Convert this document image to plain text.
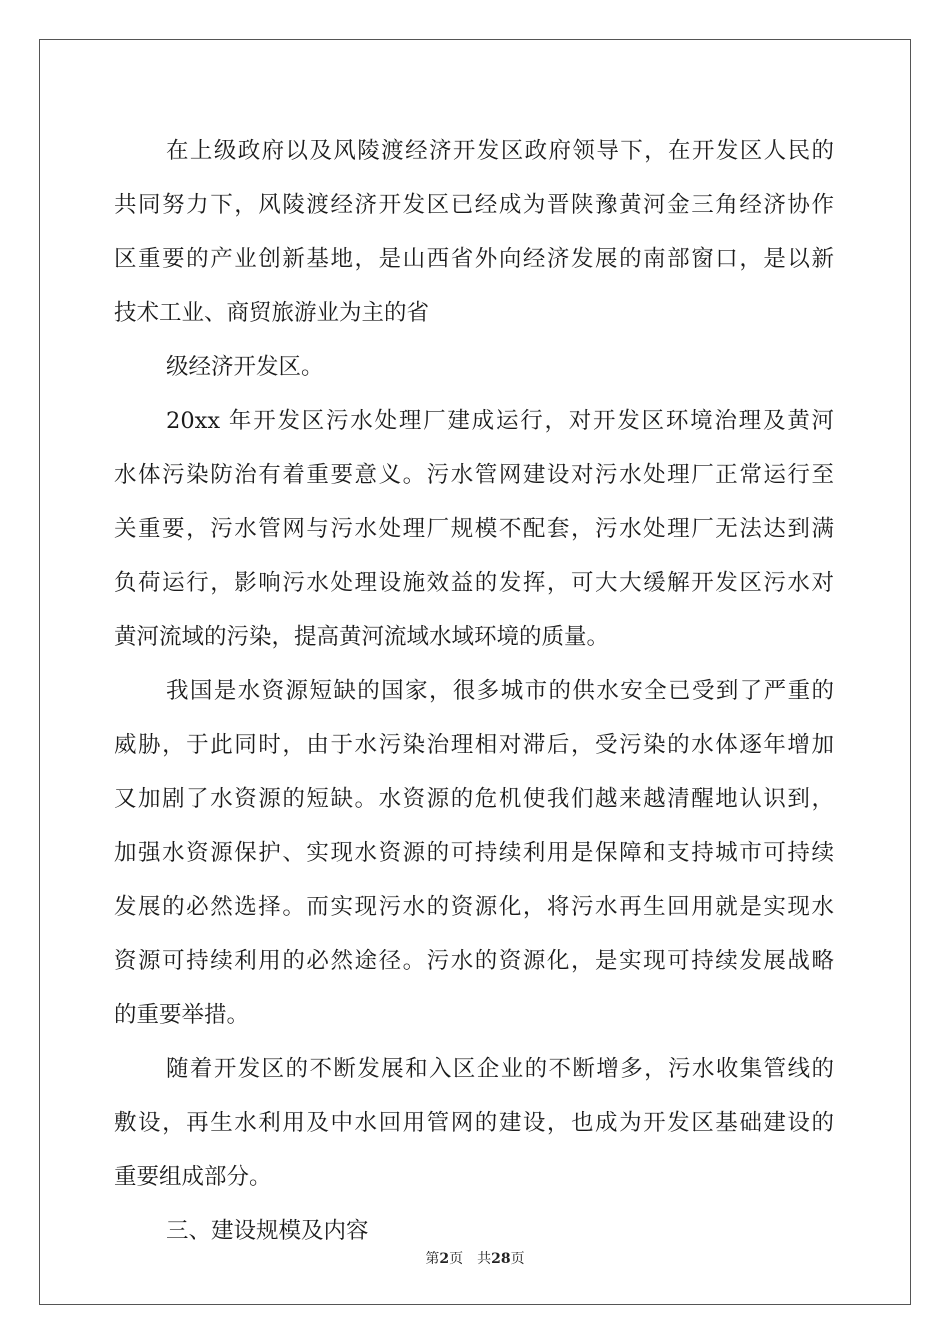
在上级政府以及风陵渡经济开发区政府领导下，在开发区人民的
共同努力下，风陵渡经济开发区已经成为晋陕豫黄河金三角经济协作
区重要的产业创新基地，是山西省外向经济发展的南部窗口，是以新
技术工业、商贸旅游业为主的省
级经济开发区。
20xx 年开发区污水处理厂建成运行，对开发区环境治理及黄河
水体污染防治有着重要意义。污水管网建设对污水处理厂正常运行至
关重要，污水管网与污水处理厂规模不配套，污水处理厂无法达到满
负荷运行，影响污水处理设施效益的发挥，可大大缓解开发区污水对
黄河流域的污染，提高黄河流域水域环境的质量。
我国是水资源短缺的国家，很多城市的供水安全已受到了严重的
威胁，于此同时，由于水污染治理相对滞后，受污染的水体逐年增加
又加剧了水资源的短缺。水资源的危机使我们越来越清醒地认识到，
加强水资源保护、实现水资源的可持续利用是保障和支持城市可持续
发展的必然选择。而实现污水的资源化，将污水再生回用就是实现水
资源可持续利用的必然途径。污水的资源化，是实现可持续发展战略
的重要举措。
随着开发区的不断发展和入区企业的不断增多，污水收集管线的
敷设，再生水利用及中水回用管网的建设，也成为开发区基础建设的
重要组成部分。
三、建设规模及内容
第2页 共28页
